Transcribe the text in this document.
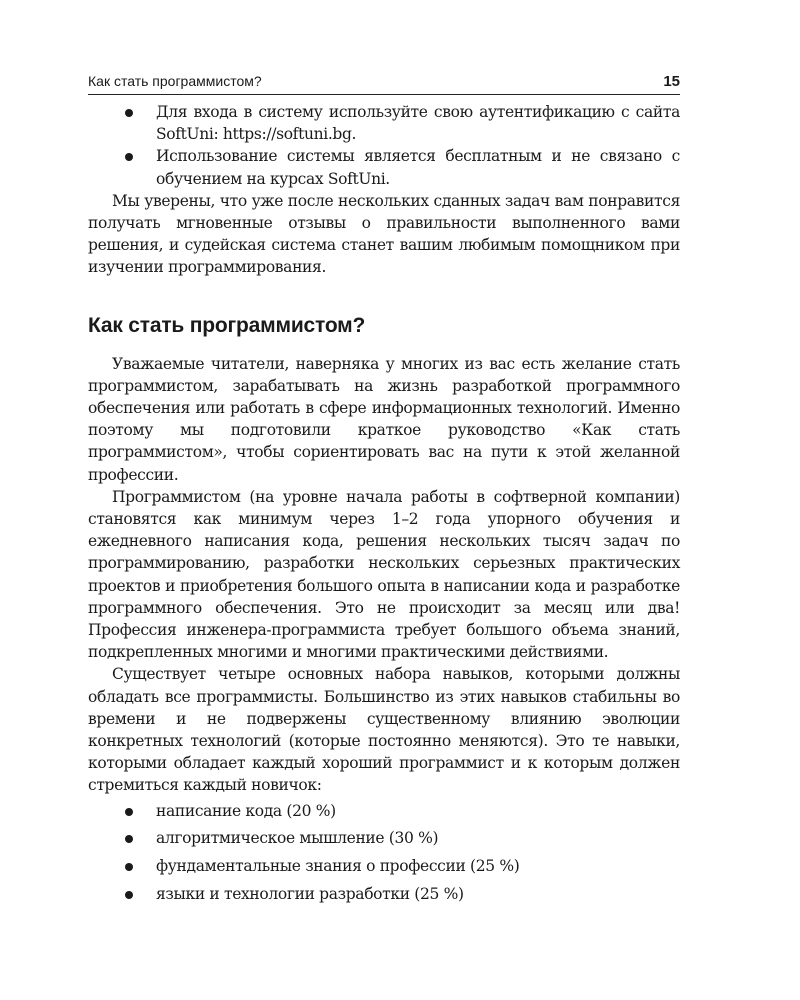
Как стать программистом?	15
Для входа в систему используйте свою аутентификацию с сайта SoftUni: https://softuni.bg.
Использование системы является бесплатным и не связано с обучением на курсах SoftUni.

Мы уверены, что уже после нескольких сданных задач вам понравится получать мгновенные отзывы о правильности выполненного вами решения, и судейская система станет вашим любимым помощником при изучении программирования.

Как стать программистом?

Уважаемые читатели, наверняка у многих из вас есть желание стать программистом, зарабатывать на жизнь разработкой программного обеспечения или работать в сфере информационных технологий. Именно поэтому мы подготовили краткое руководство «Как стать программистом», чтобы сориентировать вас на пути к этой желанной профессии.

Программистом (на уровне начала работы в софтверной компании) становятся как минимум через 1–2 года упорного обучения и ежедневного написания кода, решения нескольких тысяч задач по программированию, разработки нескольких серьезных практических проектов и приобретения большого опыта в написании кода и разработке программного обеспечения. Это не происходит за месяц или два! Профессия инженера-программиста требует большого объема знаний, подкрепленных многими и многими практическими действиями.

Существует четыре основных набора навыков, которыми должны обладать все программисты. Большинство из этих навыков стабильны во времени и не подвержены существенному влиянию эволюции конкретных технологий (которые постоянно меняются). Это те навыки, которыми обладает каждый хороший программист и к которым должен стремиться каждый новичок:

написание кода (20 %)
алгоритмическое мышление (30 %)
фундаментальные знания о профессии (25 %)
языки и технологии разработки (25 %)
